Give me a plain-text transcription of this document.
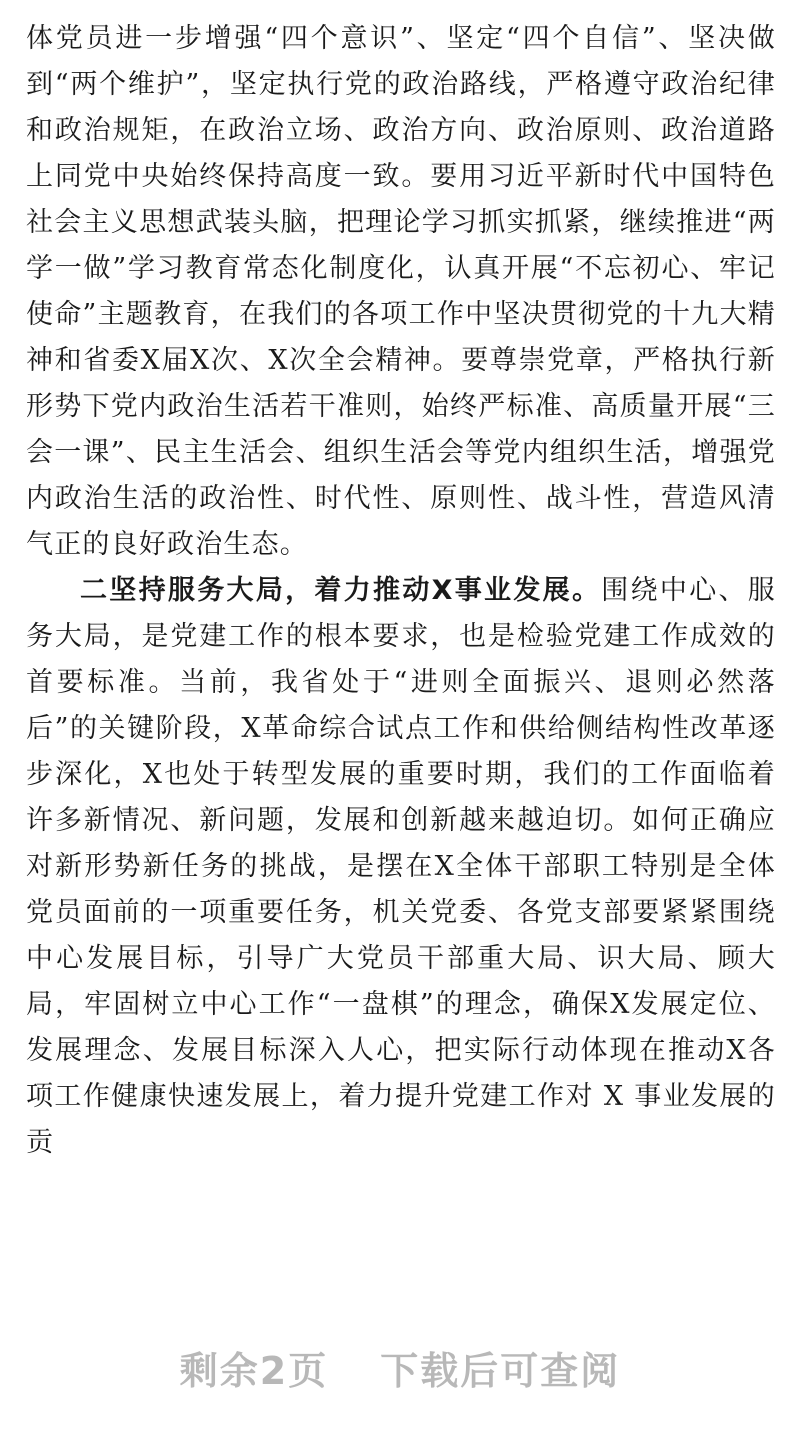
体党员进一步增强“四个意识”、坚定“四个自信”、坚决做到“两个维护”，坚定执行党的政治路线，严格遵守政治纪律和政治规矩，在政治立场、政治方向、政治原则、政治道路上同党中央始终保持高度一致。要用习近平新时代中国特色社会主义思想武装头脑，把理论学习抓实抓紧，继续推进“两学一做”学习教育常态化制度化，认真开展“不忘初心、牢记使命”主题教育，在我们的各项工作中坚决贯彻党的十九大精神和省委X届X次、X次全会精神。要尊崇党章，严格执行新形势下党内政治生活若干准则，始终严标准、高质量开展“三会一课”、民主生活会、组织生活会等党内组织生活，增强党内政治生活的政治性、时代性、原则性、战斗性，营造风清气正的良好政治生态。

二坚持服务大局，着力推动X事业发展。围绕中心、服务大局，是党建工作的根本要求，也是检验党建工作成效的首要标准。当前，我省处于“进则全面振兴、退则必然落后”的关键阶段，X革命综合试点工作和供给侧结构性改革逐步深化，X也处于转型发展的重要时期，我们的工作面临着许多新情况、新问题，发展和创新越来越迫切。如何正确应对新形势新任务的挑战，是摆在X全体干部职工特别是全体党员面前的一项重要任务，机关党委、各党支部要紧紧围绕中心发展目标，引导广大党员干部重大局、识大局、顾大局，牢固树立中心工作“一盘棋”的理念，确保X发展定位、发展理念、发展目标深入人心，把实际行动体现在推动X各项工作健康快速发展上，着力提升党建工作对 X 事业发展的贡

剩余2页 下载后可查阅
